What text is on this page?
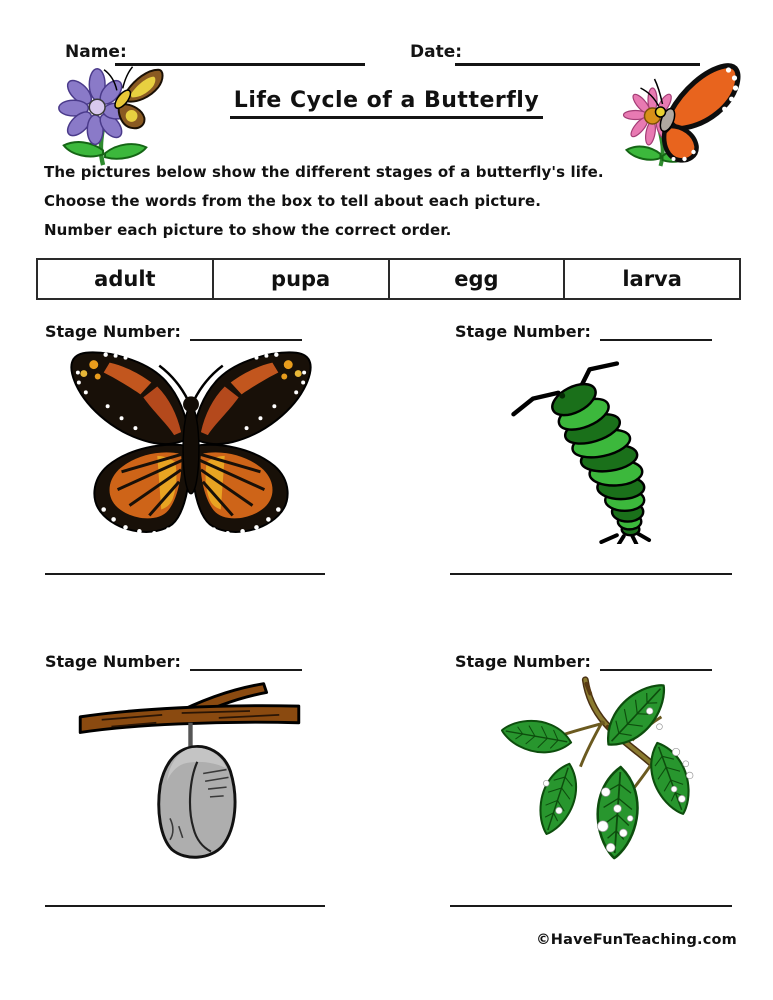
Name:	Date:
Life Cycle of a Butterfly
The pictures below show the different stages of a butterfly's life.
Choose the words from the box to tell about each picture.
Number each picture to show the correct order.
adult	pupa	egg	larva
Stage Number:	Stage Number:
Stage Number:	Stage Number:
©HaveFunTeaching.com
